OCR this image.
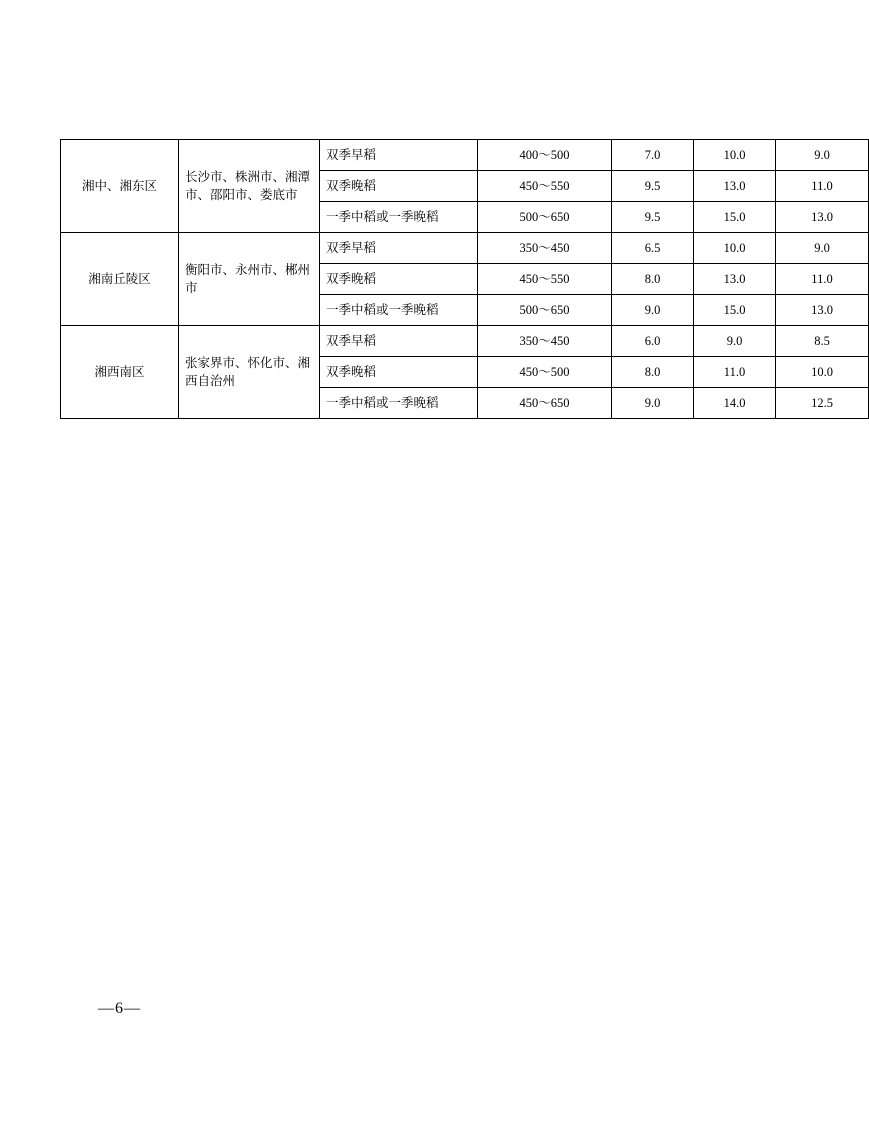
湘中、湘东区	长沙市、株洲市、湘潭市、邵阳市、娄底市	双季早稻	400～500	7.0	10.0	9.0
		双季晚稻	450～550	9.5	13.0	11.0
		一季中稻或一季晚稻	500～650	9.5	15.0	13.0
湘南丘陵区	衡阳市、永州市、郴州市	双季早稻	350～450	6.5	10.0	9.0
		双季晚稻	450～550	8.0	13.0	11.0
		一季中稻或一季晚稻	500～650	9.0	15.0	13.0
湘西南区	张家界市、怀化市、湘西自治州	双季早稻	350～450	6.0	9.0	8.5
		双季晚稻	450～500	8.0	11.0	10.0
		一季中稻或一季晚稻	450～650	9.0	14.0	12.5
—6—
